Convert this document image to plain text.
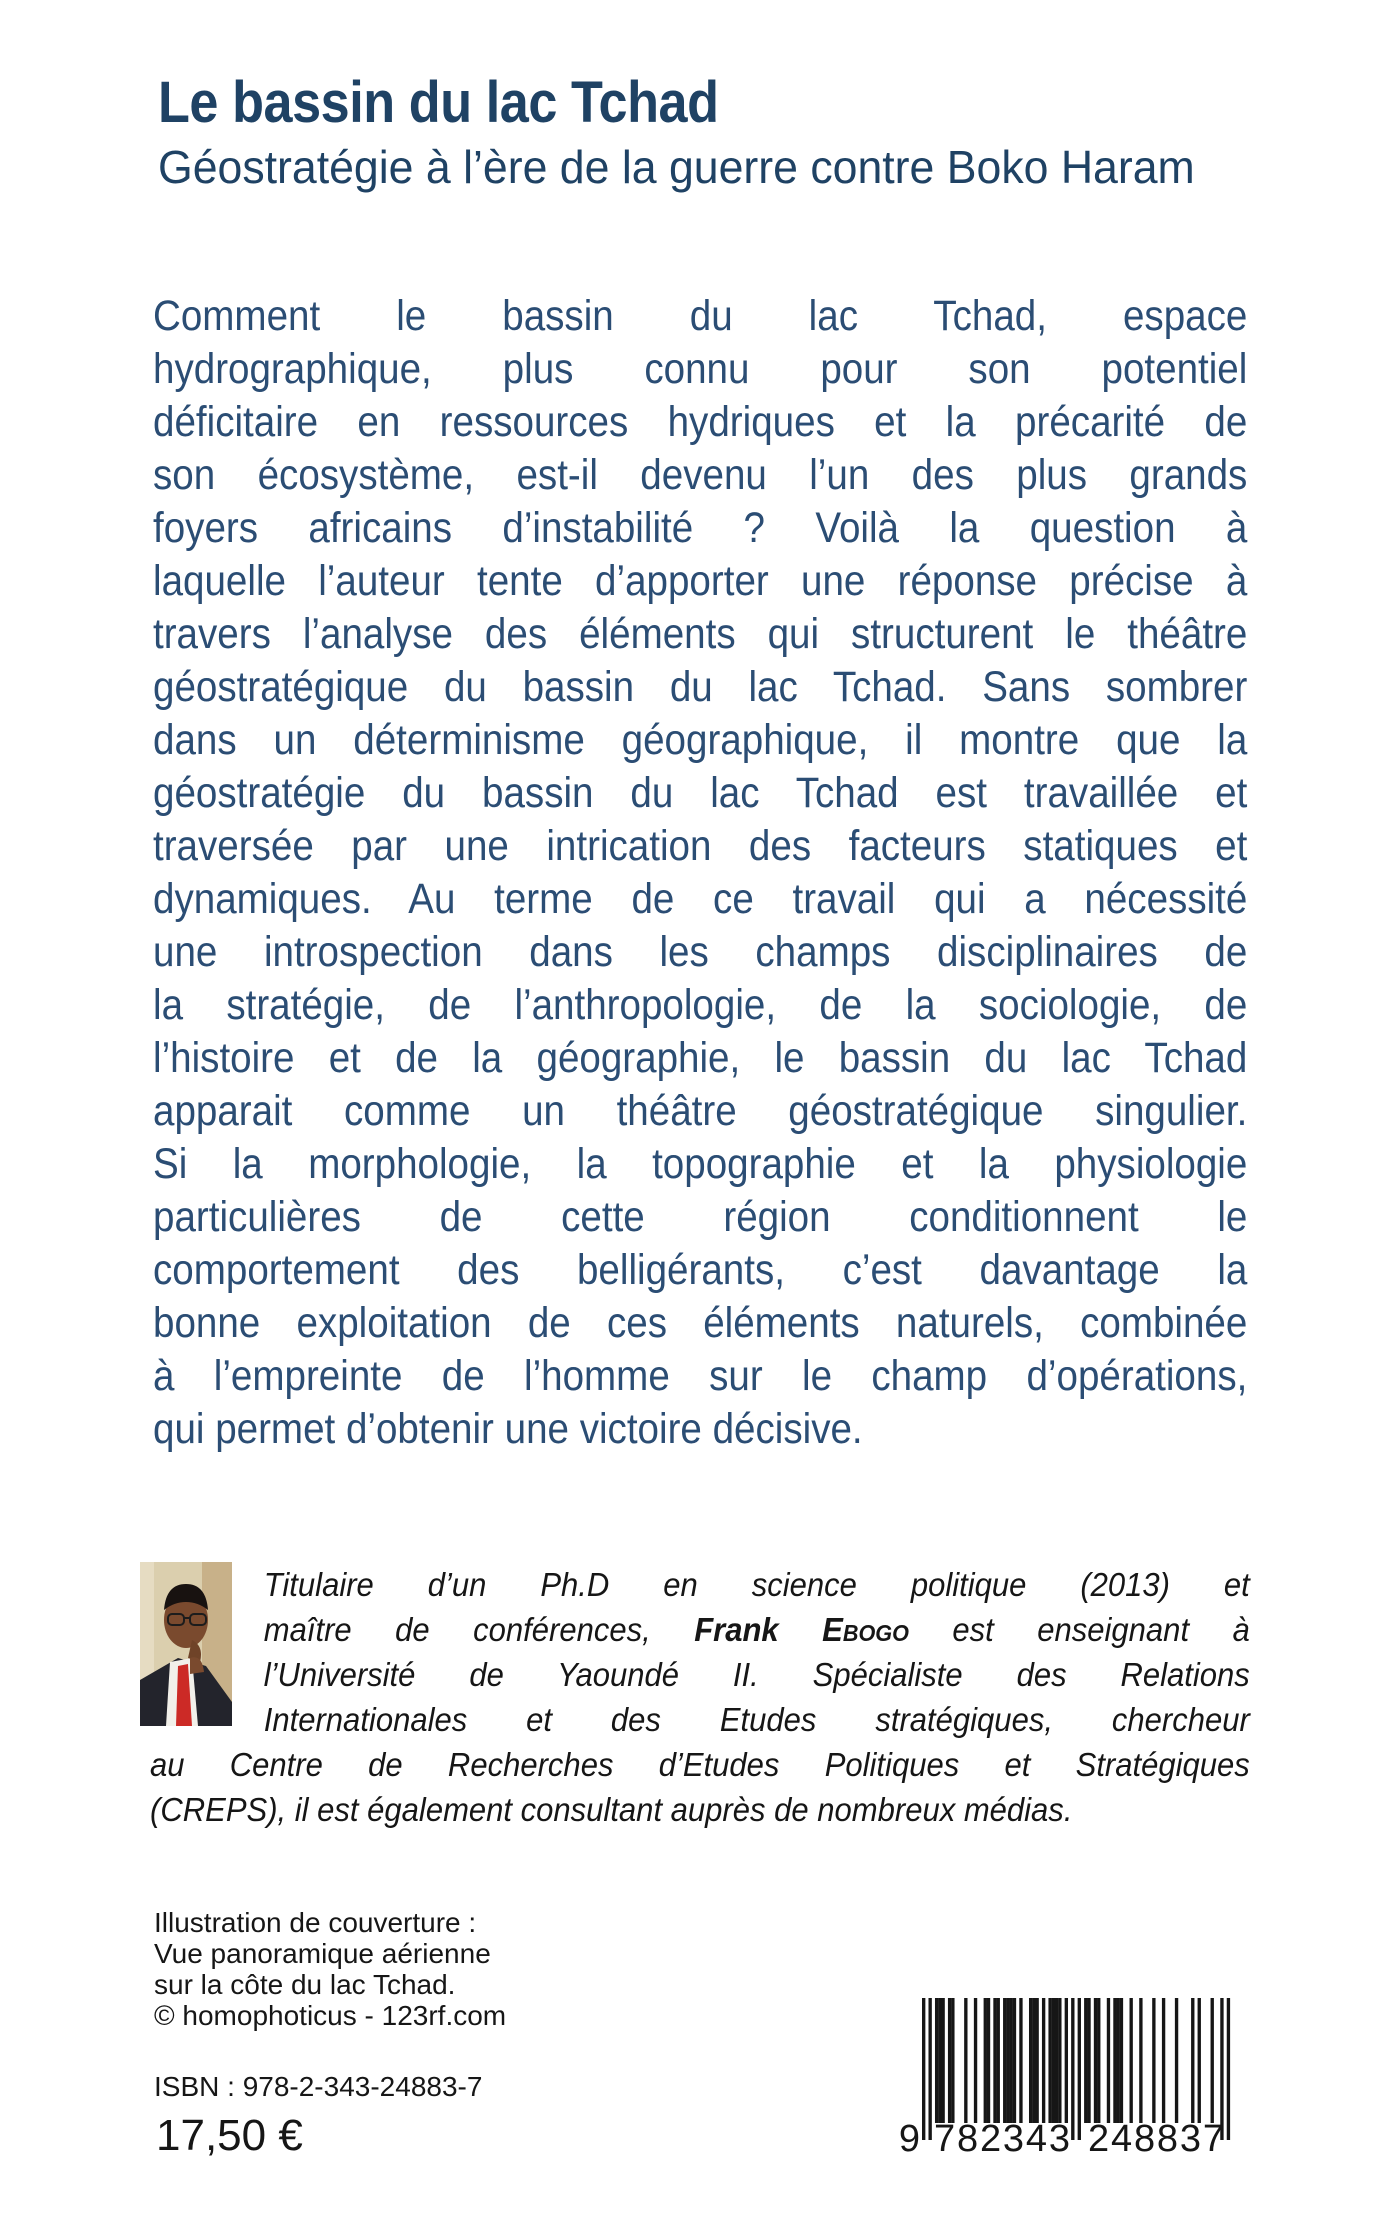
Le bassin du lac Tchad
Géostratégie à l’ère de la guerre contre Boko Haram
Comment le bassin du lac Tchad, espace
hydrographique, plus connu pour son potentiel
déficitaire en ressources hydriques et la précarité de
son écosystème, est-il devenu l’un des plus grands
foyers africains d’instabilité ? Voilà la question à
laquelle l’auteur tente d’apporter une réponse précise à
travers l’analyse des éléments qui structurent le théâtre
géostratégique du bassin du lac Tchad. Sans sombrer
dans un déterminisme géographique, il montre que la
géostratégie du bassin du lac Tchad est travaillée et
traversée par une intrication des facteurs statiques et
dynamiques. Au terme de ce travail qui a nécessité
une introspection dans les champs disciplinaires de
la stratégie, de l’anthropologie, de la sociologie, de
l’histoire et de la géographie, le bassin du lac Tchad
apparait comme un théâtre géostratégique singulier.
Si la morphologie, la topographie et la physiologie
particulières de cette région conditionnent le
comportement des belligérants, c’est davantage la
bonne exploitation de ces éléments naturels, combinée
à l’empreinte de l’homme sur le champ d’opérations,
qui permet d’obtenir une victoire décisive.
Titulaire d’un Ph.D en science politique (2013) et
maître de conférences, Frank Ebogo est enseignant à
l’Université de Yaoundé II. Spécialiste des Relations
Internationales et des Etudes stratégiques, chercheur
au Centre de Recherches d’Etudes Politiques et Stratégiques
(CREPS), il est également consultant auprès de nombreux médias.
Illustration de couverture :
Vue panoramique aérienne
sur la côte du lac Tchad.
© homophoticus - 123rf.com
ISBN : 978-2-343-24883-7
17,50 €	9 782343 248837
